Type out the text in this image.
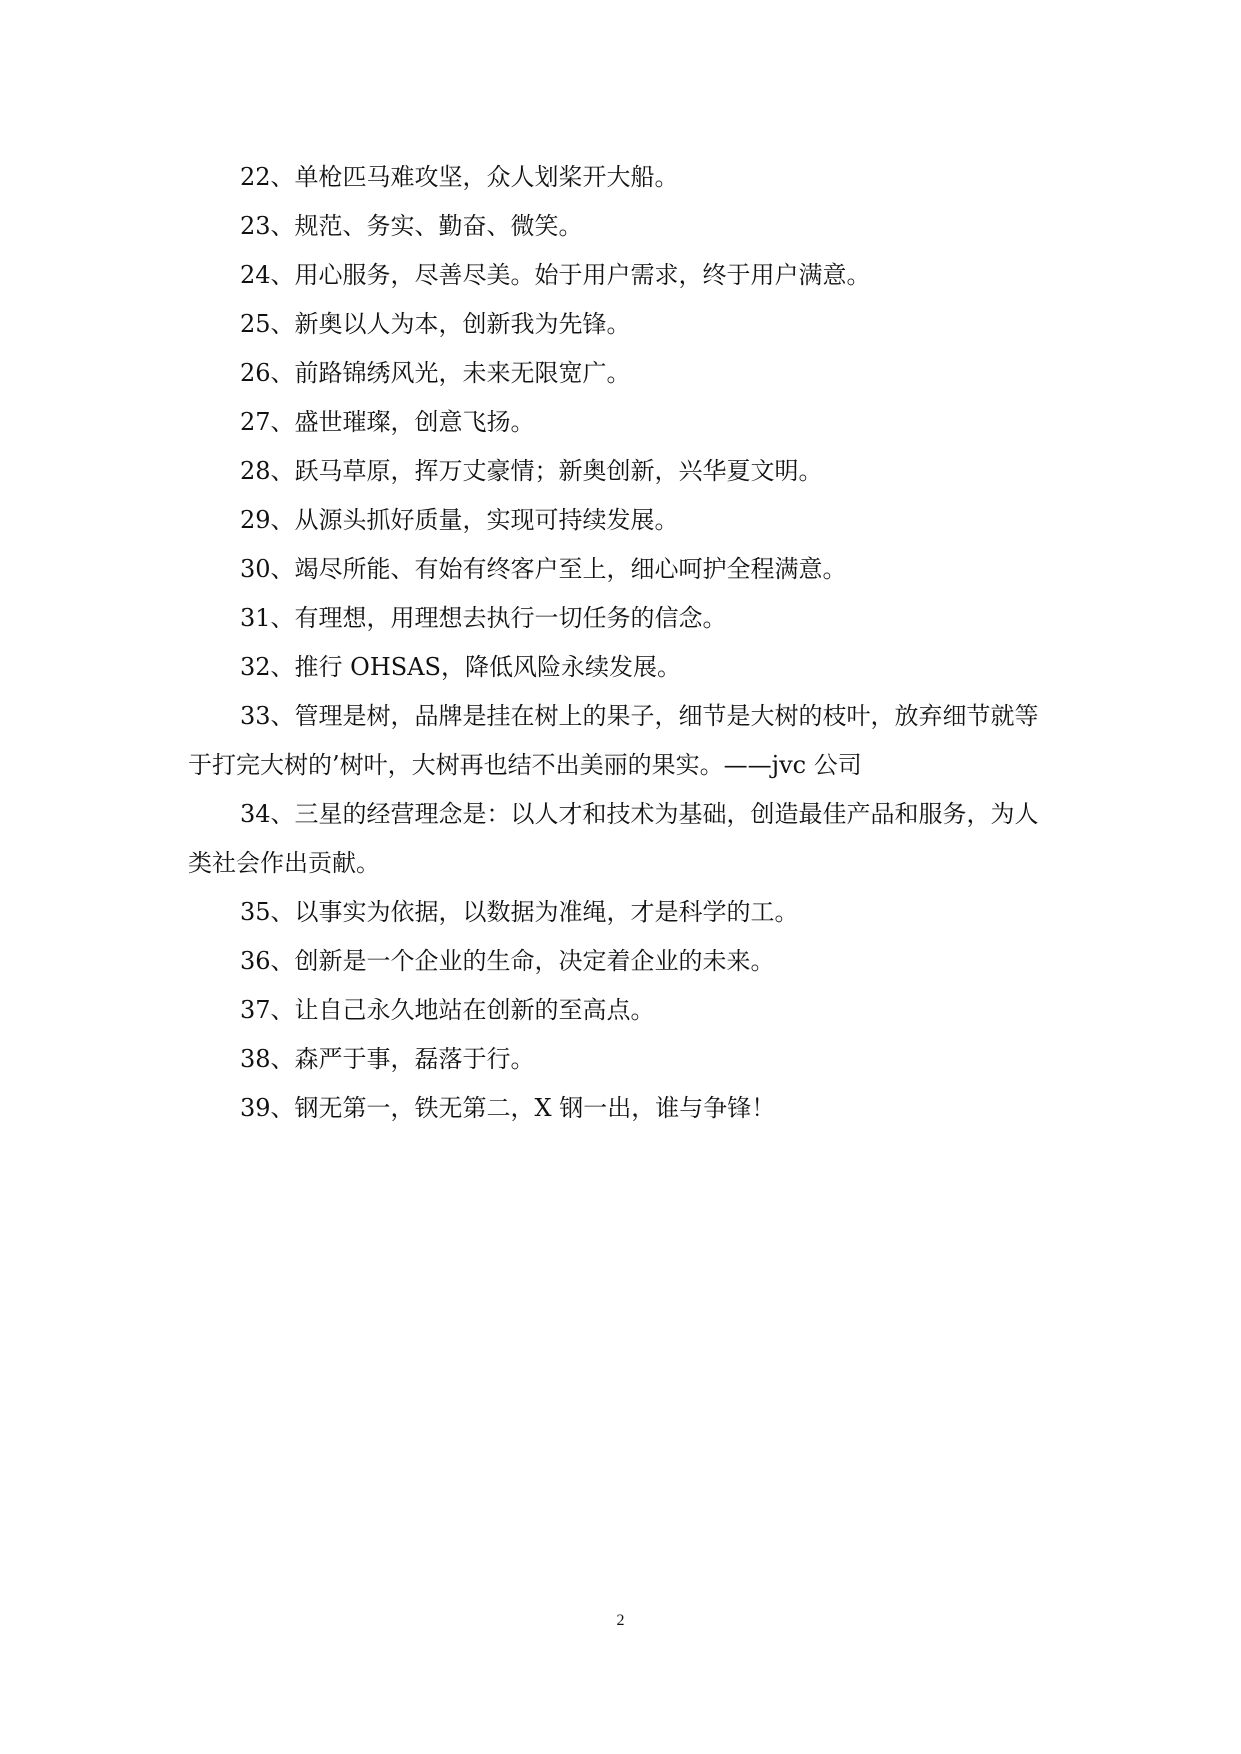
22、单枪匹马难攻坚，众人划桨开大船。

23、规范、务实、勤奋、微笑。

24、用心服务，尽善尽美。始于用户需求，终于用户满意。

25、新奥以人为本，创新我为先锋。

26、前路锦绣风光，未来无限宽广。

27、盛世璀璨，创意飞扬。

28、跃马草原，挥万丈豪情；新奥创新，兴华夏文明。

29、从源头抓好质量，实现可持续发展。

30、竭尽所能、有始有终客户至上，细心呵护全程满意。

31、有理想，用理想去执行一切任务的信念。

32、推行 OHSAS，降低风险永续发展。

33、管理是树，品牌是挂在树上的果子，细节是大树的枝叶，放弃细节就等于打完大树的’树叶，大树再也结不出美丽的果实。——jvc 公司

34、三星的经营理念是：以人才和技术为基础，创造最佳产品和服务，为人类社会作出贡献。

35、以事实为依据，以数据为准绳，才是科学的工。

36、创新是一个企业的生命，决定着企业的未来。

37、让自己永久地站在创新的至高点。

38、森严于事，磊落于行。

39、钢无第一，铁无第二，X 钢一出，谁与争锋！

2
